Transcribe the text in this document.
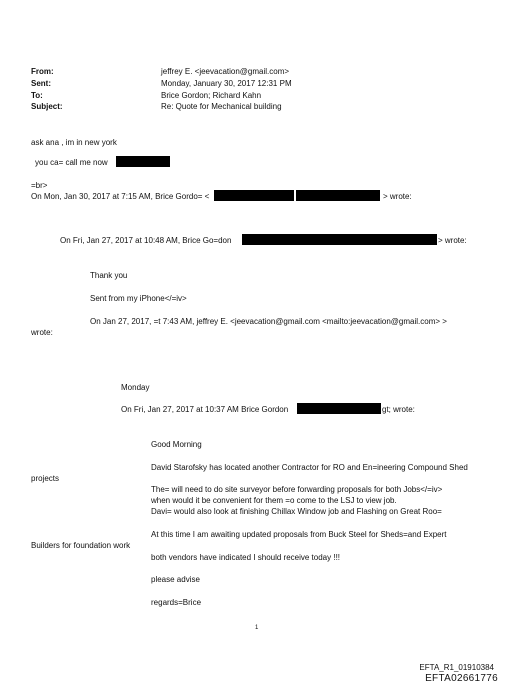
From:	jeffrey E. <jeevacation@gmail.com>
Sent:	Monday, January 30, 2017 12:31 PM
To:	Brice Gordon; Richard Kahn
Subject:	Re: Quote for Mechanical building
ask ana , im in new york
you ca= call me now
=br>
On Mon, Jan 30, 2017 at 7:15 AM, Brice Gordo= <	> wrote:
On Fri, Jan 27, 2017 at 10:48 AM, Brice Go=don	> wrote:
Thank you
Sent from my iPhone</=iv>
On Jan 27, 2017, =t 7:43 AM, jeffrey E. <jeevacation@gmail.com <mailto:jeevacation@gmail.com> >
wrote:
Monday
On Fri, Jan 27, 2017 at 10:37 AM Brice Gordon	gt; wrote:
Good Morning
David Starofsky has located another Contractor for RO and En=ineering Compound Shed
projects
The= will need to do site surveyor before forwarding proposals for both Jobs</=iv>
when would it be convenient for them =o come to the LSJ to view job.
Davi= would also look at finishing Chillax Window job and Flashing on Great Roo=
At this time I am awaiting updated proposals from Buck Steel for Sheds=and Expert
Builders for foundation work
both vendors have indicated I should receive today !!!
please advise
regards=Brice
1
EFTA_R1_01910384
EFTA02661776
